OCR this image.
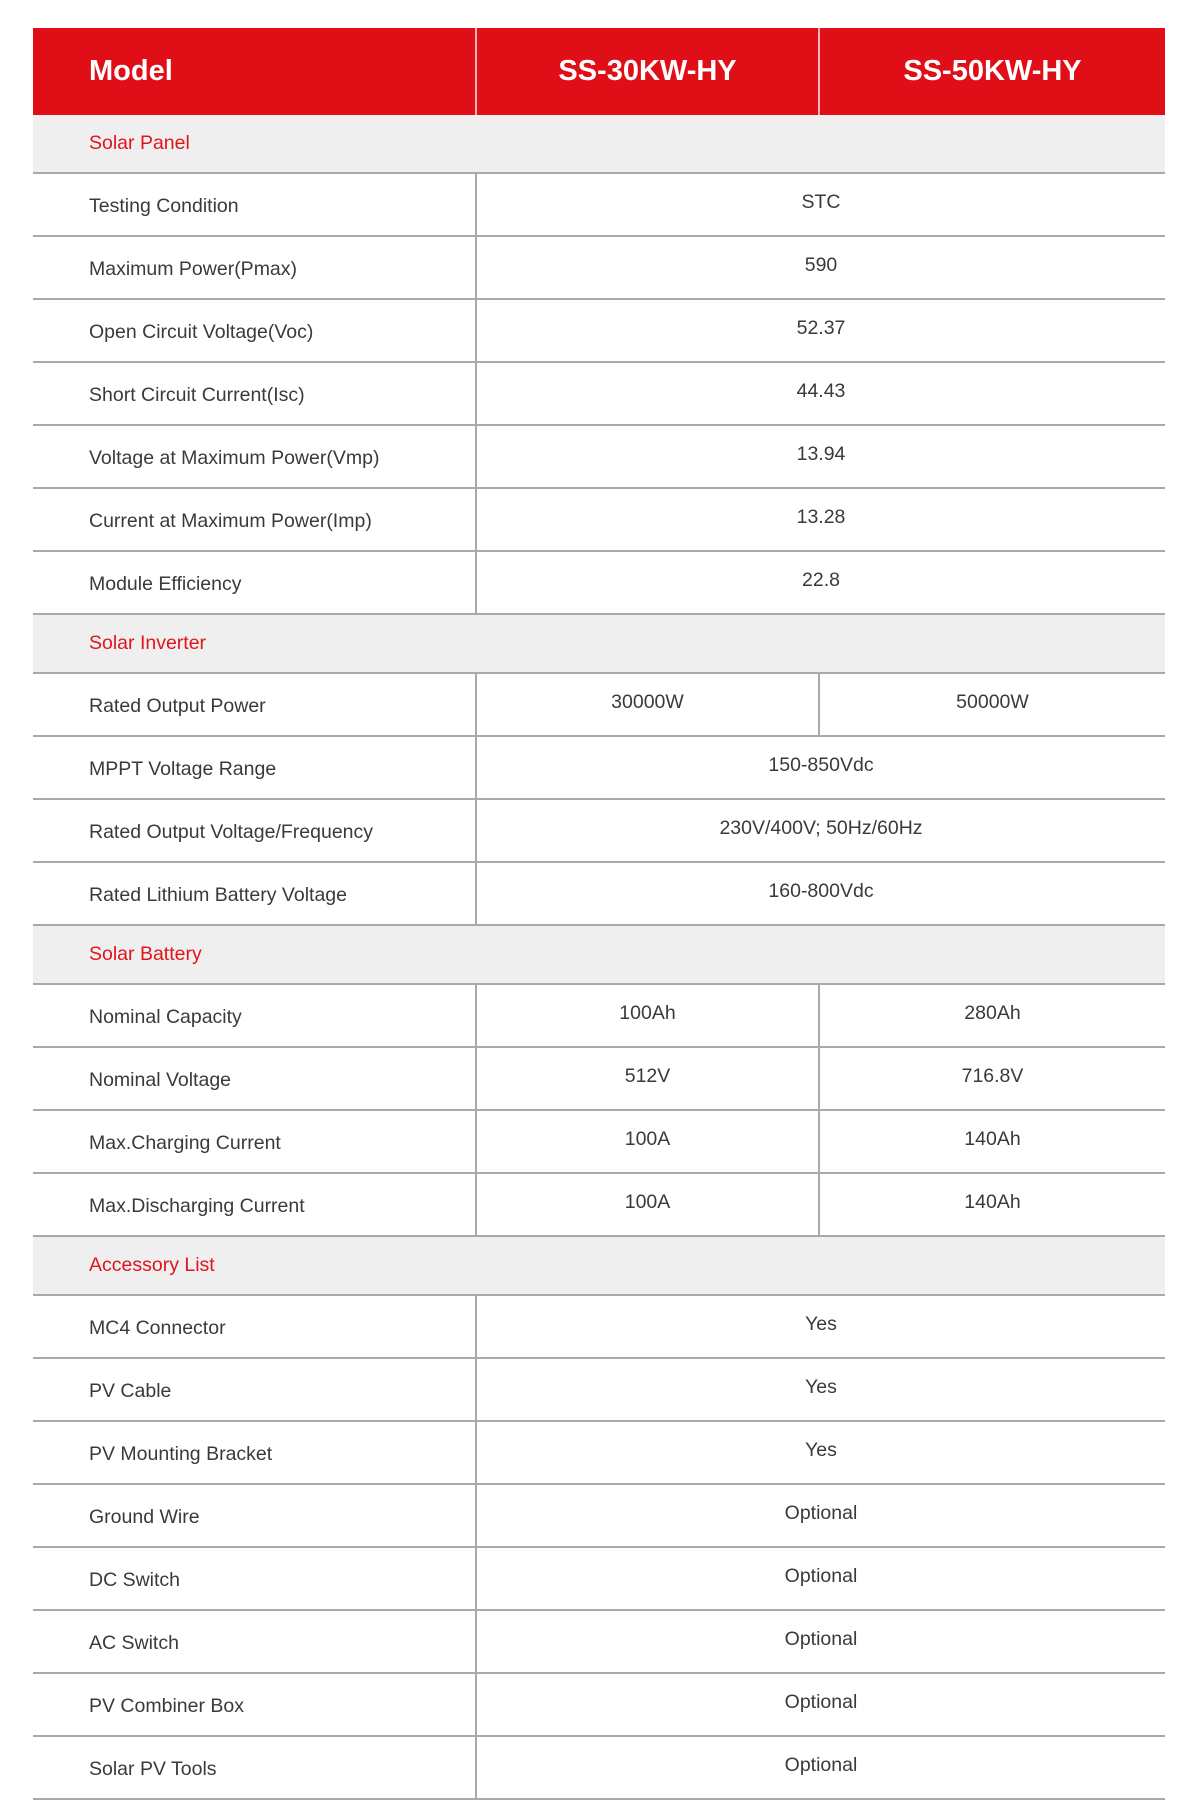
Model	SS-30KW-HY	SS-50KW-HY
Solar Panel		
Testing Condition	STC	
Maximum Power(Pmax)	590	
Open Circuit Voltage(Voc)	52.37	
Short Circuit Current(Isc)	44.43	
Voltage at Maximum Power(Vmp)	13.94	
Current at Maximum Power(Imp)	13.28	
Module Efficiency	22.8	
Solar Inverter		
Rated Output Power	30000W	50000W
MPPT Voltage Range	150-850Vdc	
Rated Output Voltage/Frequency	230V/400V; 50Hz/60Hz	
Rated Lithium Battery Voltage	160-800Vdc	
Solar Battery		
Nominal Capacity	100Ah	280Ah
Nominal Voltage	512V	716.8V
Max.Charging Current	100A	140Ah
Max.Discharging Current	100A	140Ah
Accessory List		
MC4 Connector	Yes	
PV Cable	Yes	
PV Mounting Bracket	Yes	
Ground Wire	Optional	
DC Switch	Optional	
AC Switch	Optional	
PV Combiner Box	Optional	
Solar PV Tools	Optional	
